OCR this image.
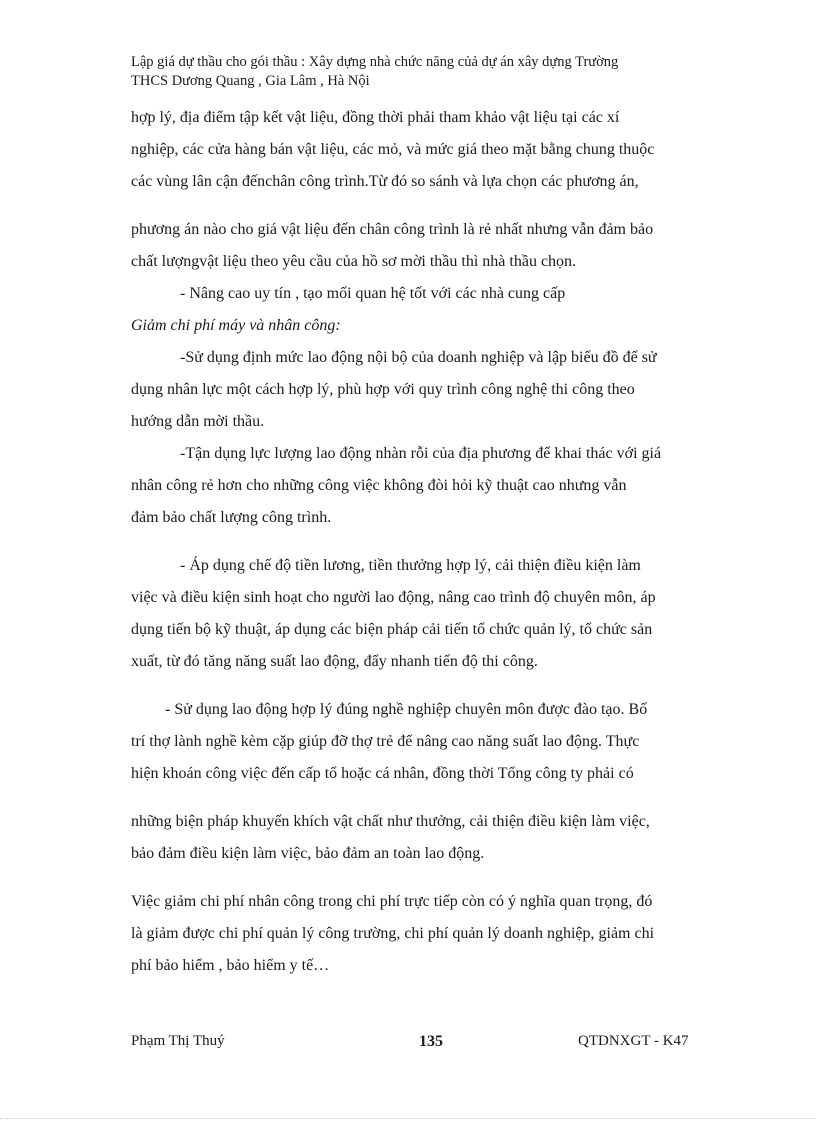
Lập giá dự thầu cho gói thầu : Xây dựng nhà chức năng củả dự án xây dựng Trường
THCS Dương Quang , Gia Lâm , Hà Nội
hợp lý, địa điểm tập kết vật liệu, đồng thời phải tham khảo vật liệu tại các xí
nghiệp, các cửa hàng bán vật liệu, các mỏ, và mức giá theo mặt bằng chung thuộc
các vùng lân cận đếnchân công trình.Từ đó so sánh và lựa chọn các phương án,
phương án nào cho giá vật liệu đến chân công trình là rẻ nhất nhưng vẫn đảm bảo
chất lượngvật liệu theo yêu cầu của hồ sơ mời thầu thì nhà thầu chọn.
- Nâng cao uy tín , tạo mối quan hệ tốt với các nhà cung cấp
Giảm chi phí máy và nhân công:
-Sử dụng định mức lao động nội bộ của doanh nghiệp và lập biểu đồ để sử
dụng nhân lực một cách hợp lý, phù hợp với quy trình công nghệ thi công theo
hướng dẫn mời thầu.
-Tận dụng lực lượng lao động nhàn rỗi của địa phương để khai thác với giá
nhân công rẻ hơn cho những công việc không đòi hỏi kỹ thuật cao nhưng vẫn
đảm bảo chất lượng công trình.
- Áp dụng chế độ tiền lương, tiền thưởng hợp lý, cải thiện điều kiện làm
việc và điều kiện sinh hoạt cho người lao động, nâng cao trình độ chuyên môn, áp
dụng tiến bộ kỹ thuật, áp dụng các biện pháp cải tiến tổ chức quản lý, tổ chức sản
xuất, từ đó tăng năng suất lao động, đẩy nhanh tiến độ thi công.
- Sử dụng lao động hợp lý đúng nghề nghiệp chuyên môn được đào tạo. Bố
trí thợ lành nghề kèm cặp giúp đỡ thợ trẻ để nâng cao năng suất lao động. Thực
hiện khoán công việc đến cấp tổ hoặc cá nhân, đồng thời Tổng công ty phải có
những biện pháp khuyến khích vật chất như thưởng, cải thiện điều kiện làm việc,
bảo đảm điều kiện làm việc, bảo đảm an toàn lao động.
Việc giảm chi phí nhân công trong chi phí trực tiếp còn có ý nghĩa quan trọng, đó
là giảm được chi phí quản lý công trường, chi phí quản lý doanh nghiệp, giảm chi
phí bảo hiểm , bảo hiểm y tế…
Phạm Thị Thuý	135	QTDNXGT - K47
